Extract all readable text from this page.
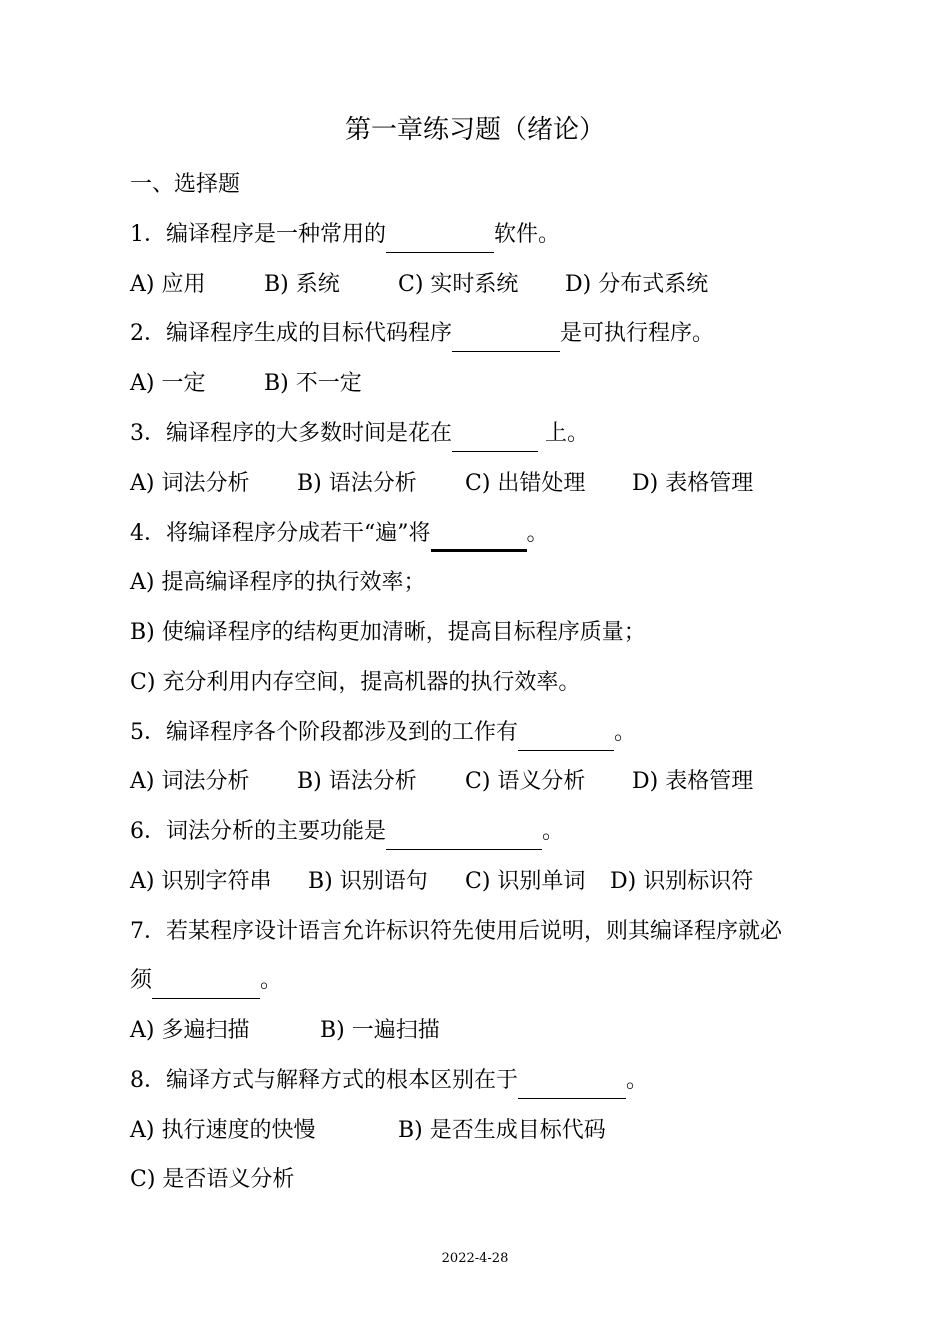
第一章练习题（绪论）
一、选择题
1．编译程序是一种常用的	软件。
A) 应用	B) 系统	C) 实时系统 D) 分布式系统
2．编译程序生成的目标代码程序	是可执行程序。
A) 一定	B) 不一定
3．编译程序的大多数时间是花在	上。
A) 词法分析 B) 语法分析 C) 出错处理 D) 表格管理
4．将编译程序分成若干“遍”将	。
A) 提高编译程序的执行效率；
B) 使编译程序的结构更加清晰，提高目标程序质量；
C) 充分利用内存空间，提高机器的执行效率。
5．编译程序各个阶段都涉及到的工作有	。
A) 词法分析 B) 语法分析 C) 语义分析 D) 表格管理
6．词法分析的主要功能是	。
A) 识别字符串 B) 识别语句 C) 识别单词 D) 识别标识符
7．若某程序设计语言允许标识符先使用后说明，则其编译程序就必
须	。
A) 多遍扫描	B) 一遍扫描
8．编译方式与解释方式的根本区别在于	。
A) 执行速度的快慢	B) 是否生成目标代码
C) 是否语义分析
2022-4-28
